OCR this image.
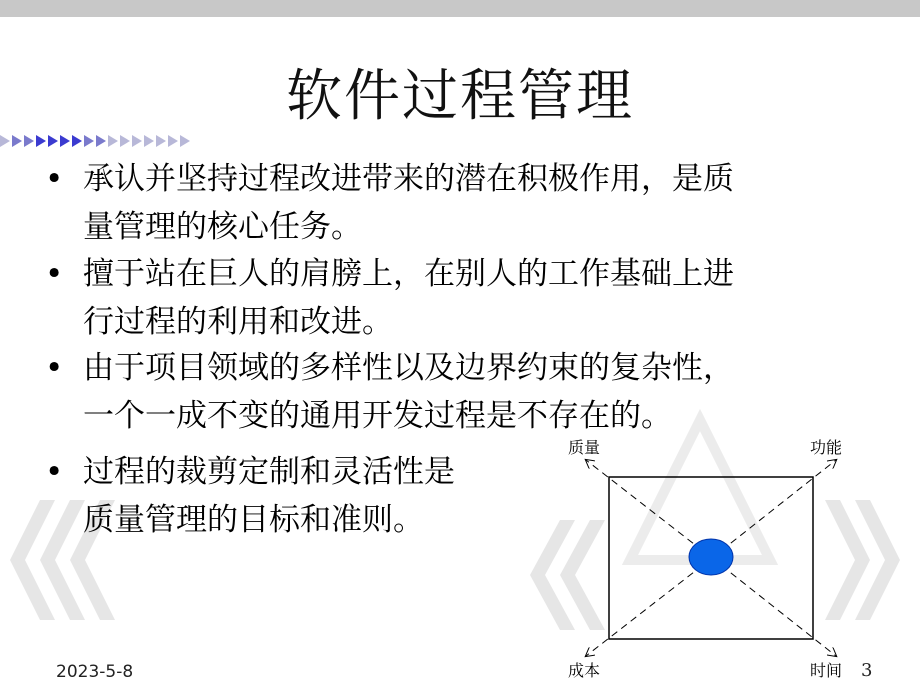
软件过程管理
• 承认并坚持过程改进带来的潜在积极作用，是质
量管理的核心任务。
• 擅于站在巨人的肩膀上，在别人的工作基础上进
行过程的利用和改进。
• 由于项目领域的多样性以及边界约束的复杂性，
一个一成不变的通用开发过程是不存在的。
• 过程的裁剪定制和灵活性是
质量管理的目标和准则。
质量	功能
成本	时间
2023-5-8	3
